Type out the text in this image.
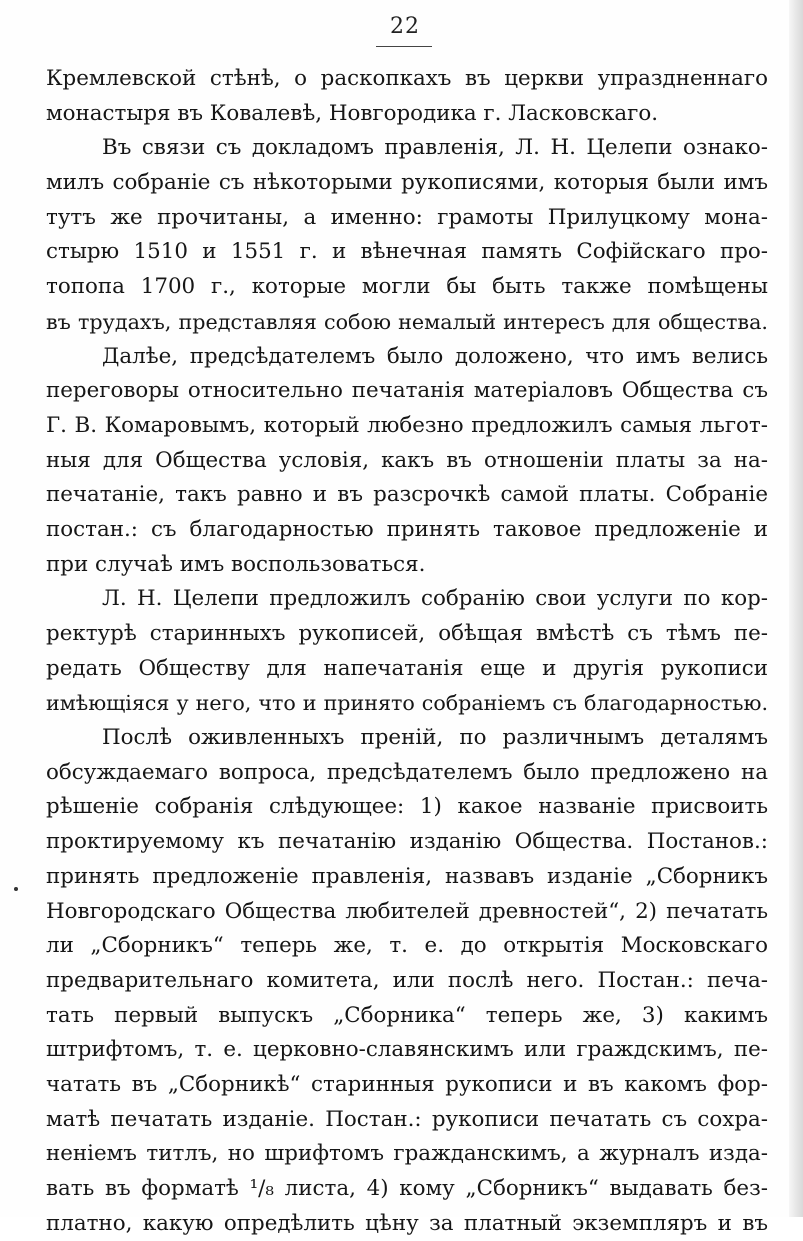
22
Кремлевской стѣнѣ, о раскопкахъ въ церкви упраздненнаго
монастыря въ Ковалевѣ, Новгородика г. Ласковскаго.
Въ связи съ докладомъ правленія, Л. Н. Целепи ознако-
милъ собраніе съ нѣкоторыми рукописями, которыя были имъ
тутъ же прочитаны, а именно: грамоты Прилуцкому мона-
стырю 1510 и 1551 г. и вѣнечная память Софійскаго про-
топопа 1700 г., которые могли бы быть также помѣщены
въ трудахъ, представляя собою немалый интересъ для общества.
Далѣе, предсѣдателемъ было доложено, что имъ велись
переговоры относительно печатанія матеріаловъ Общества съ
Г. В. Комаровымъ, который любезно предложилъ самыя льгот-
ныя для Общества условія, какъ въ отношеніи платы за на-
печатаніе, такъ равно и въ разсрочкѣ самой платы. Собраніе
постан.: съ благодарностью принять таковое предложеніе и
при случаѣ имъ воспользоваться.
Л. Н. Целепи предложилъ собранію свои услуги по кор-
ректурѣ старинныхъ рукописей, обѣщая вмѣстѣ съ тѣмъ пе-
редать Обществу для напечатанія еще и другія рукописи
имѣющіяся у него, что и принято собраніемъ съ благодарностью.
Послѣ оживленныхъ преній, по различнымъ деталямъ
обсуждаемаго вопроса, предсѣдателемъ было предложено на
рѣшеніе собранія слѣдующее: 1) какое названіе присвоить
проктируемому къ печатанію изданію Общества. Постанов.:
принять предложеніе правленія, назвавъ изданіе „Сборникъ
Новгородскаго Общества любителей древностей“, 2) печатать
ли „Сборникъ“ теперь же, т. е. до открытія Московскаго
предварительнаго комитета, или послѣ него. Постан.: печа-
тать первый выпускъ „Сборника“ теперь же, 3) какимъ
штрифтомъ, т. е. церковно-славянскимъ или граждскимъ, пе-
чатать въ „Сборникѣ“ старинныя рукописи и въ какомъ фор-
матѣ печатать изданіе. Постан.: рукописи печатать съ сохра-
неніемъ титлъ, но шрифтомъ гражданскимъ, а журналъ изда-
вать въ форматѣ ¹/₈ листа, 4) кому „Сборникъ“ выдавать без-
платно, какую опредѣлить цѣну за платный экземпляръ и въ
